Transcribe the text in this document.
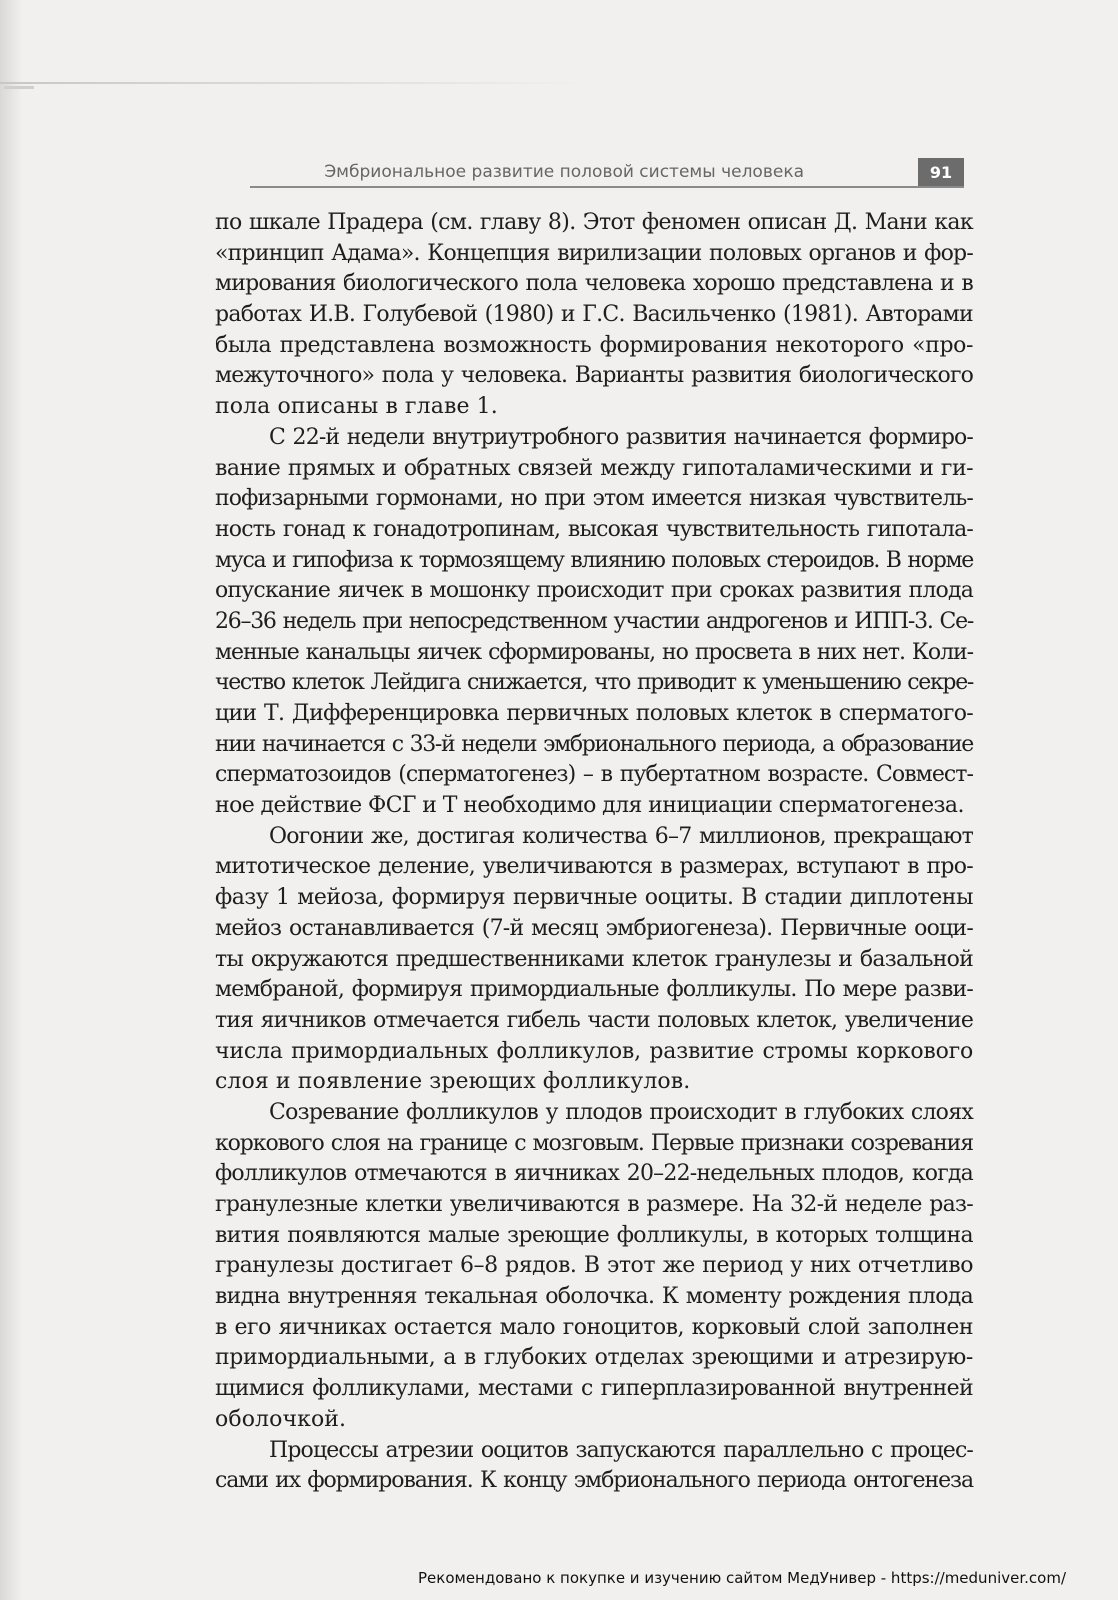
Эмбриональное развитие половой системы человека	91
по шкале Прадера (см. главу 8). Этот феномен описан Д. Мани как
«принцип Адама». Концепция вирилизации половых органов и фор-
мирования биологического пола человека хорошо представлена и в
работах И.В. Голубевой (1980) и Г.С. Васильченко (1981). Авторами
была представлена возможность формирования некоторого «про-
межуточного» пола у человека. Варианты развития биологического
пола описаны в главе 1.
С 22-й недели внутриутробного развития начинается формиро-
вание прямых и обратных связей между гипоталамическими и ги-
пофизарными гормонами, но при этом имеется низкая чувствитель-
ность гонад к гонадотропинам, высокая чувствительность гипотала-
муса и гипофиза к тормозящему влиянию половых стероидов. В норме
опускание яичек в мошонку происходит при сроках развития плода
26–36 недель при непосредственном участии андрогенов и ИПП-3. Се-
менные канальцы яичек сформированы, но просвета в них нет. Коли-
чество клеток Лейдига снижается, что приводит к уменьшению секре-
ции Т. Дифференцировка первичных половых клеток в сперматого-
нии начинается с 33-й недели эмбрионального периода, а образование
сперматозоидов (сперматогенез) – в пубертатном возрасте. Совмест-
ное действие ФСГ и Т необходимо для инициации сперматогенеза.
Оогонии же, достигая количества 6–7 миллионов, прекращают
митотическое деление, увеличиваются в размерах, вступают в про-
фазу 1 мейоза, формируя первичные ооциты. В стадии диплотены
мейоз останавливается (7-й месяц эмбриогенеза). Первичные ооци-
ты окружаются предшественниками клеток гранулезы и базальной
мембраной, формируя примордиальные фолликулы. По мере разви-
тия яичников отмечается гибель части половых клеток, увеличение
числа примордиальных фолликулов, развитие стромы коркового
слоя и появление зреющих фолликулов.
Созревание фолликулов у плодов происходит в глубоких слоях
коркового слоя на границе с мозговым. Первые признаки созревания
фолликулов отмечаются в яичниках 20–22-недельных плодов, когда
гранулезные клетки увеличиваются в размере. На 32-й неделе раз-
вития появляются малые зреющие фолликулы, в которых толщина
гранулезы достигает 6–8 рядов. В этот же период у них отчетливо
видна внутренняя текальная оболочка. К моменту рождения плода
в его яичниках остается мало гоноцитов, корковый слой заполнен
примордиальными, а в глубоких отделах зреющими и атрезирую-
щимися фолликулами, местами с гиперплазированной внутренней
оболочкой.
Процессы атрезии ооцитов запускаются параллельно с процес-
сами их формирования. К концу эмбрионального периода онтогенеза
Рекомендовано к покупке и изучению сайтом МедУнивер - https://meduniver.com/
